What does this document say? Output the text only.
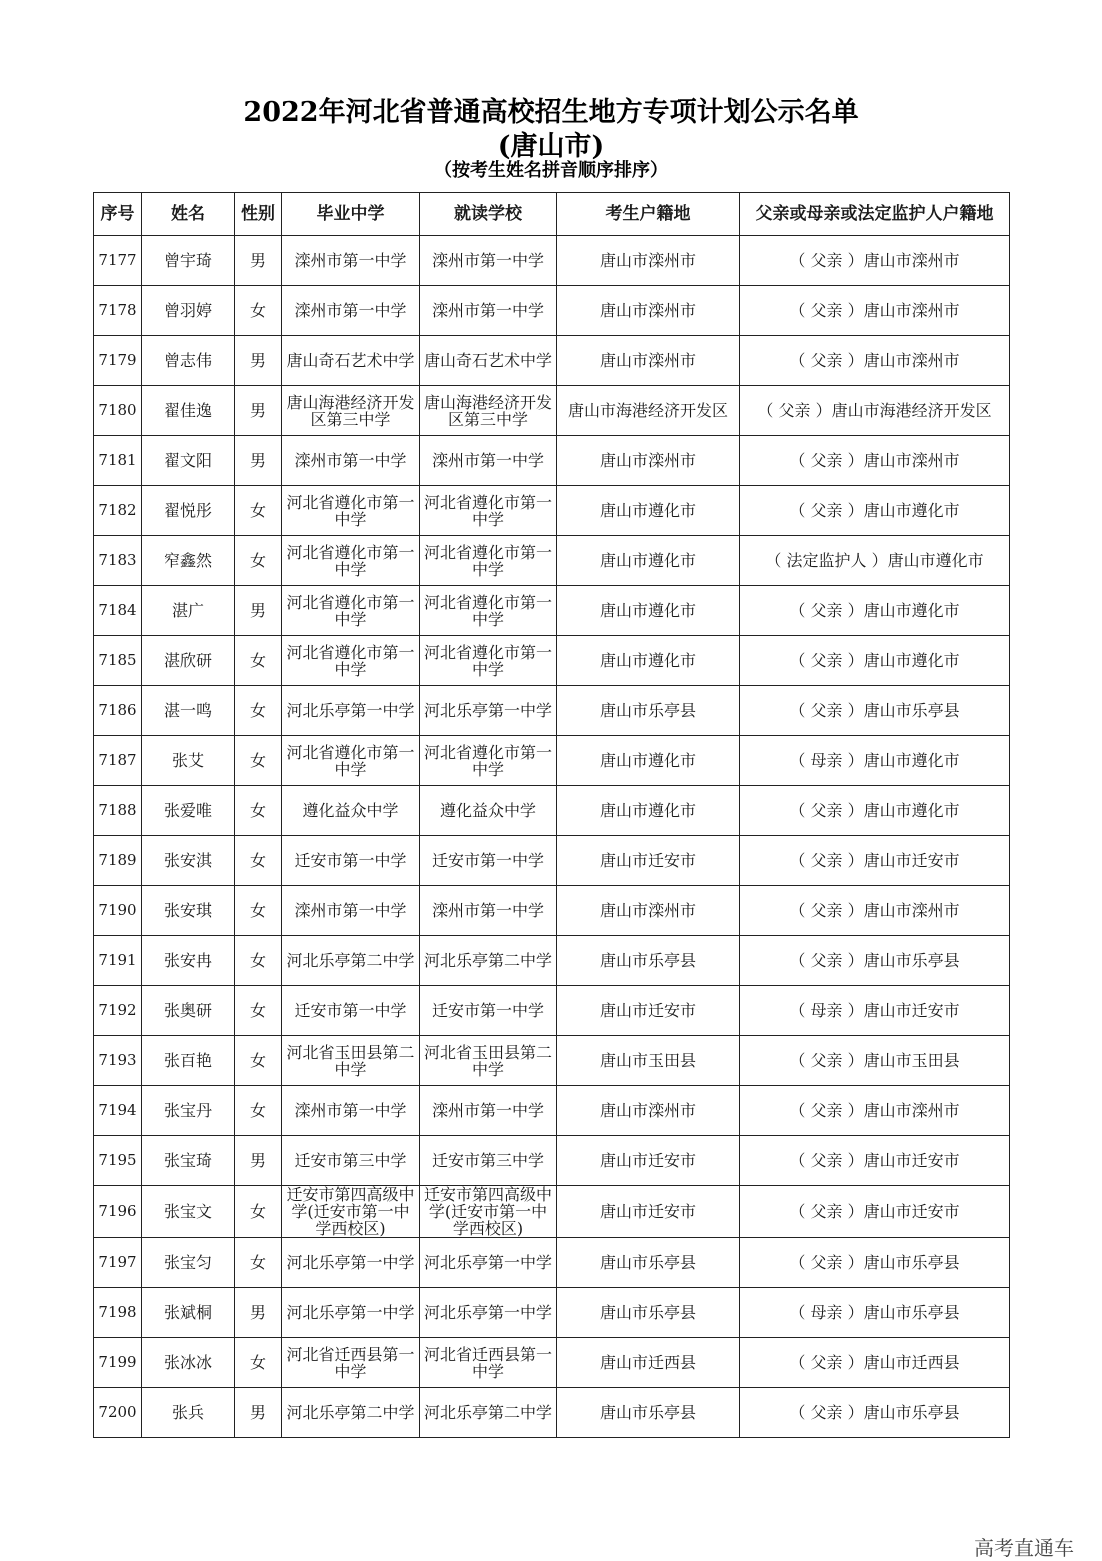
2022年河北省普通高校招生地方专项计划公示名单
(唐山市)
（按考生姓名拼音顺序排序）
序号	姓名	性别	毕业中学	就读学校	考生户籍地	父亲或母亲或法定监护人户籍地
7177	曾宇琦	男	滦州市第一中学	滦州市第一中学	唐山市滦州市	（ 父亲 ）唐山市滦州市
7178	曾羽婷	女	滦州市第一中学	滦州市第一中学	唐山市滦州市	（ 父亲 ）唐山市滦州市
7179	曾志伟	男	唐山奇石艺术中学	唐山奇石艺术中学	唐山市滦州市	（ 父亲 ）唐山市滦州市
7180	翟佳逸	男	唐山海港经济开发区第三中学	唐山海港经济开发区第三中学	唐山市海港经济开发区	（ 父亲 ）唐山市海港经济开发区
7181	翟文阳	男	滦州市第一中学	滦州市第一中学	唐山市滦州市	（ 父亲 ）唐山市滦州市
7182	翟悦彤	女	河北省遵化市第一中学	河北省遵化市第一中学	唐山市遵化市	（ 父亲 ）唐山市遵化市
7183	窄鑫然	女	河北省遵化市第一中学	河北省遵化市第一中学	唐山市遵化市	（ 法定监护人 ）唐山市遵化市
7184	湛广	男	河北省遵化市第一中学	河北省遵化市第一中学	唐山市遵化市	（ 父亲 ）唐山市遵化市
7185	湛欣研	女	河北省遵化市第一中学	河北省遵化市第一中学	唐山市遵化市	（ 父亲 ）唐山市遵化市
7186	湛一鸣	女	河北乐亭第一中学	河北乐亭第一中学	唐山市乐亭县	（ 父亲 ）唐山市乐亭县
7187	张艾	女	河北省遵化市第一中学	河北省遵化市第一中学	唐山市遵化市	（ 母亲 ）唐山市遵化市
7188	张爱唯	女	遵化益众中学	遵化益众中学	唐山市遵化市	（ 父亲 ）唐山市遵化市
7189	张安淇	女	迁安市第一中学	迁安市第一中学	唐山市迁安市	（ 父亲 ）唐山市迁安市
7190	张安琪	女	滦州市第一中学	滦州市第一中学	唐山市滦州市	（ 父亲 ）唐山市滦州市
7191	张安冉	女	河北乐亭第二中学	河北乐亭第二中学	唐山市乐亭县	（ 父亲 ）唐山市乐亭县
7192	张奥研	女	迁安市第一中学	迁安市第一中学	唐山市迁安市	（ 母亲 ）唐山市迁安市
7193	张百艳	女	河北省玉田县第二中学	河北省玉田县第二中学	唐山市玉田县	（ 父亲 ）唐山市玉田县
7194	张宝丹	女	滦州市第一中学	滦州市第一中学	唐山市滦州市	（ 父亲 ）唐山市滦州市
7195	张宝琦	男	迁安市第三中学	迁安市第三中学	唐山市迁安市	（ 父亲 ）唐山市迁安市
7196	张宝文	女	迁安市第四高级中学(迁安市第一中学西校区)	迁安市第四高级中学(迁安市第一中学西校区)	唐山市迁安市	（ 父亲 ）唐山市迁安市
7197	张宝匀	女	河北乐亭第一中学	河北乐亭第一中学	唐山市乐亭县	（ 父亲 ）唐山市乐亭县
7198	张斌桐	男	河北乐亭第一中学	河北乐亭第一中学	唐山市乐亭县	（ 母亲 ）唐山市乐亭县
7199	张冰冰	女	河北省迁西县第一中学	河北省迁西县第一中学	唐山市迁西县	（ 父亲 ）唐山市迁西县
7200	张兵	男	河北乐亭第二中学	河北乐亭第二中学	唐山市乐亭县	（ 父亲 ）唐山市乐亭县
高考直通车
